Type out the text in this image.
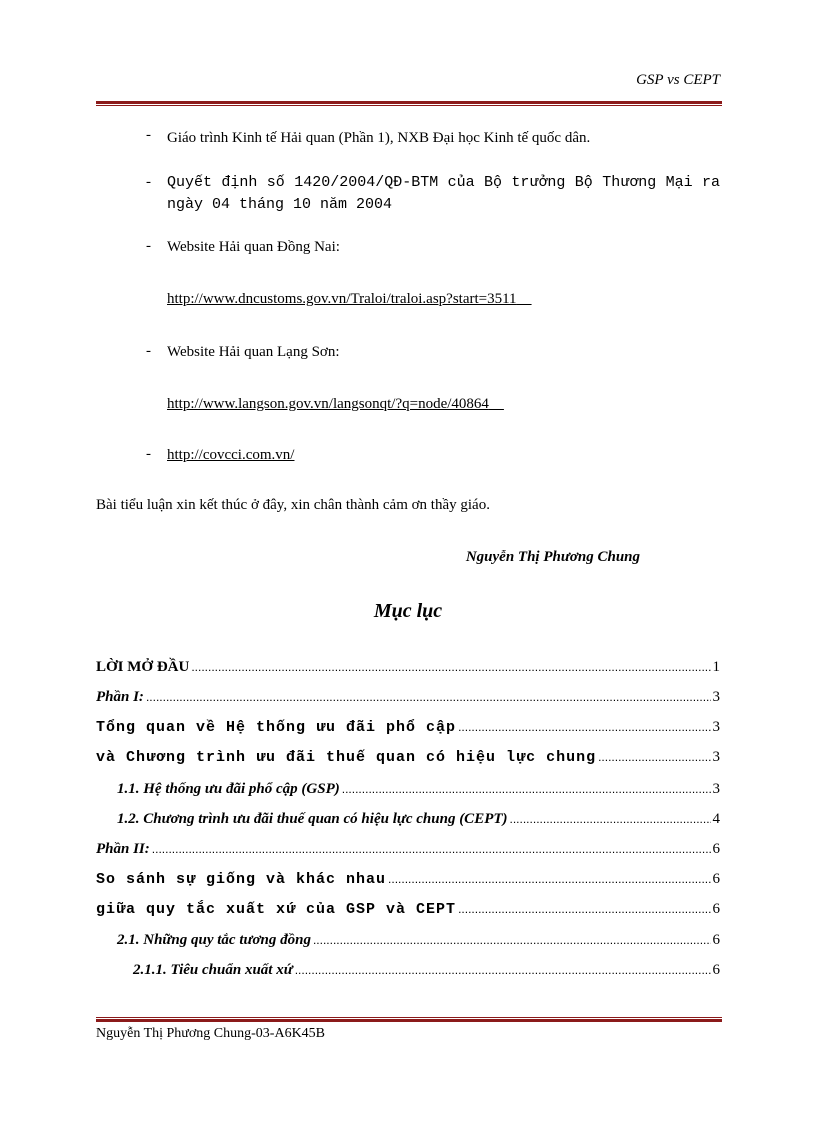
GSP vs CEPT
- Giáo trình Kinh tế Hải quan (Phần 1), NXB Đại học Kinh tế quốc dân.
- Quyết định số 1420/2004/QĐ-BTM của Bộ trưởng Bộ Thương Mại ra ngày 04 tháng 10 năm 2004
- Website Hải quan Đồng Nai:
http://www.dncustoms.gov.vn/Traloi/traloi.asp?start=3511
- Website Hải quan Lạng Sơn:
http://www.langson.gov.vn/langsonqt/?q=node/40864
- http://covcci.com.vn/
Bài tiểu luận xin kết thúc ở đây, xin chân thành cảm ơn thầy giáo.
Nguyễn Thị Phương Chung
Mục lục
LỜI MỞ ĐẦU .....	1
Phần I: .....	3
Tổng quan về Hệ thống ưu đãi phổ cập .....	3
và Chương trình ưu đãi thuế quan có hiệu lực chung .....	3
1.1. Hệ thống ưu đãi phổ cập (GSP) .....	3
1.2. Chương trình ưu đãi thuế quan có hiệu lực chung (CEPT) .....	4
Phần II: .....	6
So sánh sự giống và khác nhau .....	6
giữa quy tắc xuất xứ của GSP và CEPT .....	6
2.1. Những quy tắc tương đồng .....	6
2.1.1. Tiêu chuẩn xuất xứ .....	6
Nguyễn Thị Phương Chung-03-A6K45B
